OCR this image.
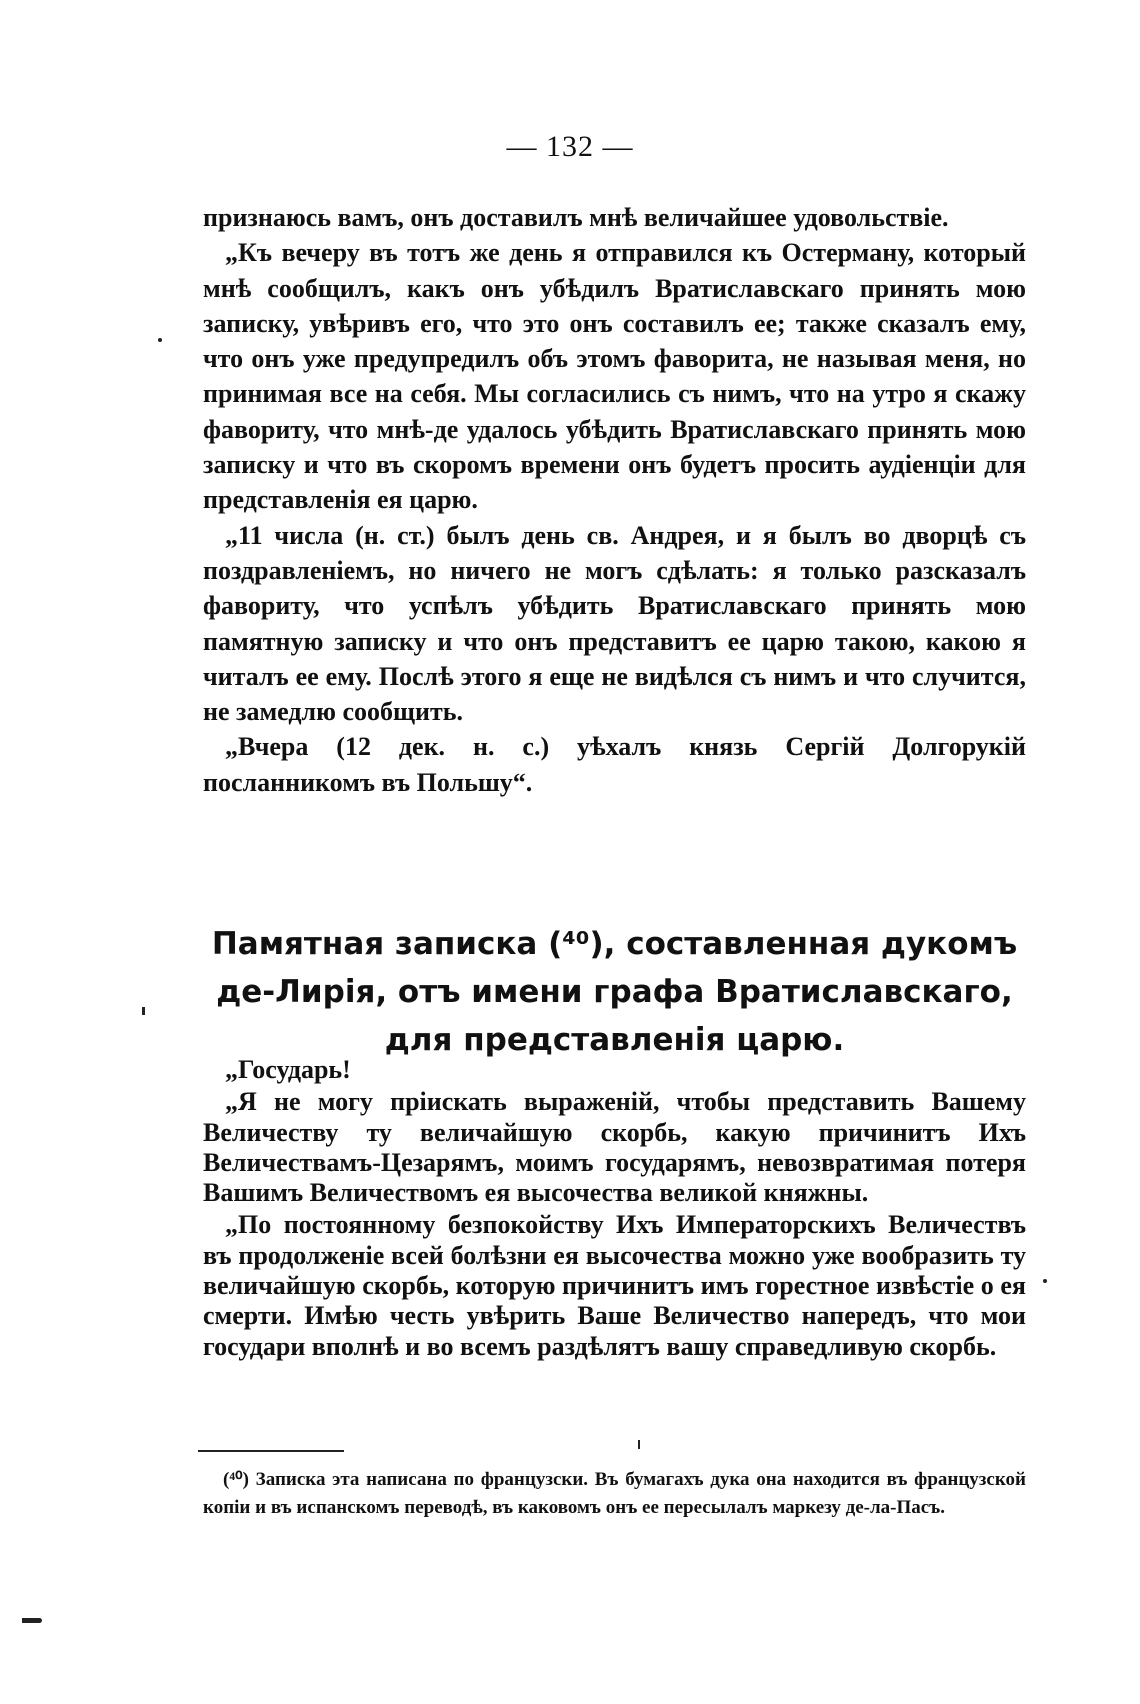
— 132 —

признаюсь вамъ, онъ доставилъ мнѣ величайшее удовольствіе.

„Къ вечеру въ тотъ же день я отправился къ Остерману, который мнѣ сообщилъ, какъ онъ убѣдилъ Вратиславскаго принять мою записку, увѣривъ его, что это онъ составилъ ее; также сказалъ ему, что онъ уже предупредилъ объ этомъ фаворита, не называя меня, но принимая все на себя. Мы согласились съ нимъ, что на утро я скажу фавориту, что мнѣ-де удалось убѣдить Вратиславскаго принять мою записку и что въ скоромъ времени онъ будетъ просить аудіенціи для представленія ея царю.

„11 числа (н. ст.) былъ день св. Андрея, и я былъ во дворцѣ съ поздравленіемъ, но ничего не могъ сдѣлать: я только разсказалъ фавориту, что успѣлъ убѣдить Вратиславскаго принять мою памятную записку и что онъ представитъ ее царю такою, какою я читалъ ее ему. Послѣ этого я еще не видѣлся съ нимъ и что случится, не замедлю сообщить.

„Вчера (12 дек. н. с.) уѣхалъ князь Сергій Долгорукій посланникомъ въ Польшу“.

Памятная записка (⁴⁰), составленная дукомъ
де-Лирія, отъ имени графа Вратиславскаго,
для представленія царю.

„Государь!

„Я не могу пріискать выраженій, чтобы представить Вашему Величеству ту величайшую скорбь, какую причинитъ Ихъ Величествамъ-Цезарямъ, моимъ государямъ, невозвратимая потеря Вашимъ Величествомъ ея высочества великой княжны.

„По постоянному безпокойству Ихъ Императорскихъ Величествъ въ продолженіе всей болѣзни ея высочества можно уже вообразить ту величайшую скорбь, которую причинитъ имъ горестное извѣстіе о ея смерти. Имѣю честь увѣрить Ваше Величество напередъ, что мои государи вполнѣ и во всемъ раздѣлятъ вашу справедливую скорбь.

(⁴⁰) Записка эта написана по французски. Въ бумагахъ дука она находится въ французской копіи и въ испанскомъ переводѣ, въ каковомъ онъ ее пересылалъ маркезу де-ла-Пасъ.
